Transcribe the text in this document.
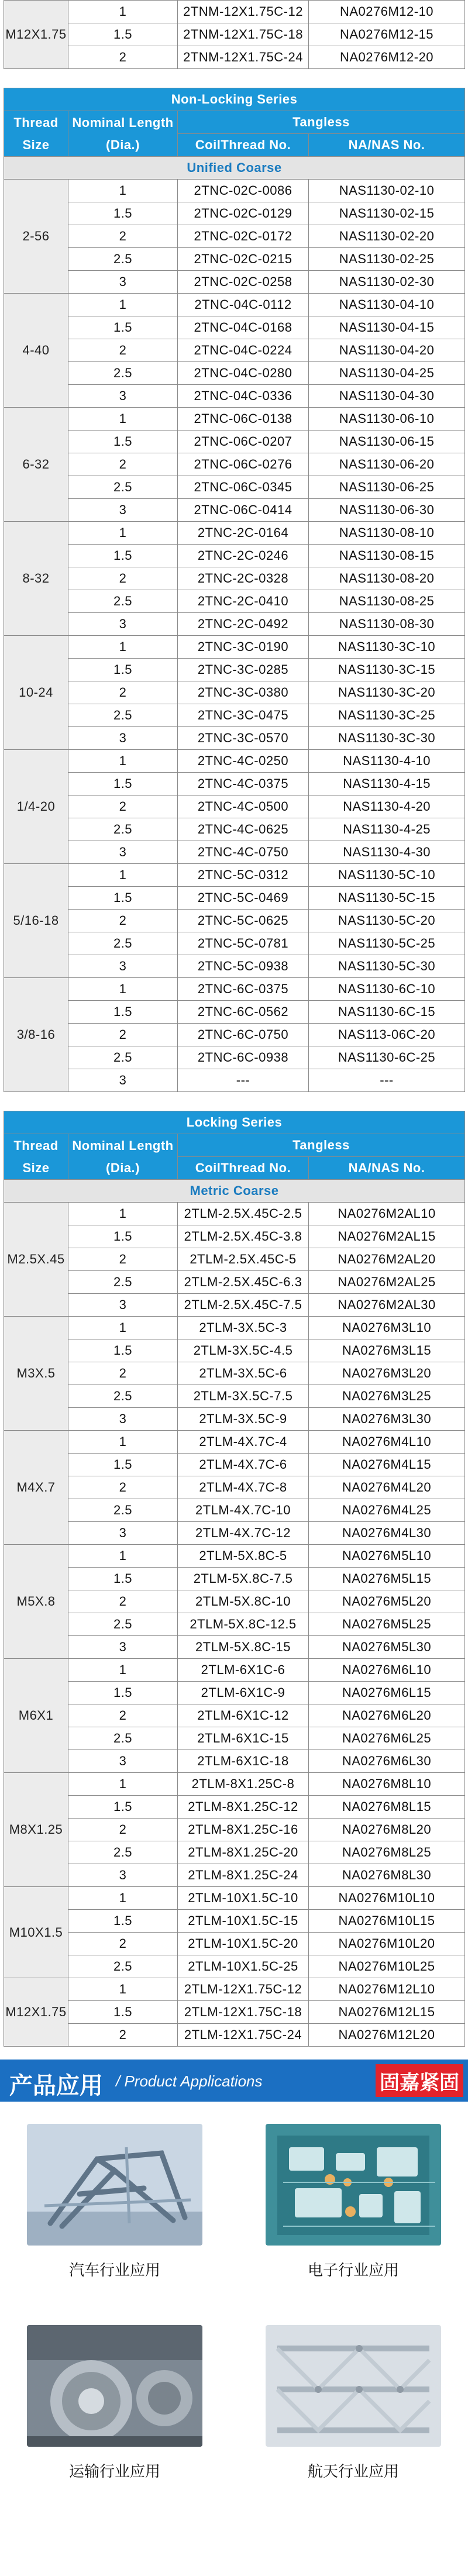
M12X1.75	1	2TNM-12X1.75C-12	NA0276M12-10
	1.5	2TNM-12X1.75C-18	NA0276M12-15
	2	2TNM-12X1.75C-24	NA0276M12-20
Non-Locking Series			
Thread Size	Nominal Length (Dia.)	Tangless	
		CoilThread No.	NA/NAS No.
Unified Coarse			
2-56	1	2TNC-02C-0086	NAS1130-02-10
	1.5	2TNC-02C-0129	NAS1130-02-15
	2	2TNC-02C-0172	NAS1130-02-20
	2.5	2TNC-02C-0215	NAS1130-02-25
	3	2TNC-02C-0258	NAS1130-02-30
4-40	1	2TNC-04C-0112	NAS1130-04-10
	1.5	2TNC-04C-0168	NAS1130-04-15
	2	2TNC-04C-0224	NAS1130-04-20
	2.5	2TNC-04C-0280	NAS1130-04-25
	3	2TNC-04C-0336	NAS1130-04-30
6-32	1	2TNC-06C-0138	NAS1130-06-10
	1.5	2TNC-06C-0207	NAS1130-06-15
	2	2TNC-06C-0276	NAS1130-06-20
	2.5	2TNC-06C-0345	NAS1130-06-25
	3	2TNC-06C-0414	NAS1130-06-30
8-32	1	2TNC-2C-0164	NAS1130-08-10
	1.5	2TNC-2C-0246	NAS1130-08-15
	2	2TNC-2C-0328	NAS1130-08-20
	2.5	2TNC-2C-0410	NAS1130-08-25
	3	2TNC-2C-0492	NAS1130-08-30
10-24	1	2TNC-3C-0190	NAS1130-3C-10
	1.5	2TNC-3C-0285	NAS1130-3C-15
	2	2TNC-3C-0380	NAS1130-3C-20
	2.5	2TNC-3C-0475	NAS1130-3C-25
	3	2TNC-3C-0570	NAS1130-3C-30
1/4-20	1	2TNC-4C-0250	NAS1130-4-10
	1.5	2TNC-4C-0375	NAS1130-4-15
	2	2TNC-4C-0500	NAS1130-4-20
	2.5	2TNC-4C-0625	NAS1130-4-25
	3	2TNC-4C-0750	NAS1130-4-30
5/16-18	1	2TNC-5C-0312	NAS1130-5C-10
	1.5	2TNC-5C-0469	NAS1130-5C-15
	2	2TNC-5C-0625	NAS1130-5C-20
	2.5	2TNC-5C-0781	NAS1130-5C-25
	3	2TNC-5C-0938	NAS1130-5C-30
3/8-16	1	2TNC-6C-0375	NAS1130-6C-10
	1.5	2TNC-6C-0562	NAS1130-6C-15
	2	2TNC-6C-0750	NAS113-06C-20
	2.5	2TNC-6C-0938	NAS1130-6C-25
	3	---	---
Locking Series			
Thread Size	Nominal Length (Dia.)	Tangless	
		CoilThread No.	NA/NAS No.
Metric Coarse			
M2.5X.45	1	2TLM-2.5X.45C-2.5	NA0276M2AL10
	1.5	2TLM-2.5X.45C-3.8	NA0276M2AL15
	2	2TLM-2.5X.45C-5	NA0276M2AL20
	2.5	2TLM-2.5X.45C-6.3	NA0276M2AL25
	3	2TLM-2.5X.45C-7.5	NA0276M2AL30
M3X.5	1	2TLM-3X.5C-3	NA0276M3L10
	1.5	2TLM-3X.5C-4.5	NA0276M3L15
	2	2TLM-3X.5C-6	NA0276M3L20
	2.5	2TLM-3X.5C-7.5	NA0276M3L25
	3	2TLM-3X.5C-9	NA0276M3L30
M4X.7	1	2TLM-4X.7C-4	NA0276M4L10
	1.5	2TLM-4X.7C-6	NA0276M4L15
	2	2TLM-4X.7C-8	NA0276M4L20
	2.5	2TLM-4X.7C-10	NA0276M4L25
	3	2TLM-4X.7C-12	NA0276M4L30
M5X.8	1	2TLM-5X.8C-5	NA0276M5L10
	1.5	2TLM-5X.8C-7.5	NA0276M5L15
	2	2TLM-5X.8C-10	NA0276M5L20
	2.5	2TLM-5X.8C-12.5	NA0276M5L25
	3	2TLM-5X.8C-15	NA0276M5L30
M6X1	1	2TLM-6X1C-6	NA0276M6L10
	1.5	2TLM-6X1C-9	NA0276M6L15
	2	2TLM-6X1C-12	NA0276M6L20
	2.5	2TLM-6X1C-15	NA0276M6L25
	3	2TLM-6X1C-18	NA0276M6L30
M8X1.25	1	2TLM-8X1.25C-8	NA0276M8L10
	1.5	2TLM-8X1.25C-12	NA0276M8L15
	2	2TLM-8X1.25C-16	NA0276M8L20
	2.5	2TLM-8X1.25C-20	NA0276M8L25
	3	2TLM-8X1.25C-24	NA0276M8L30
M10X1.5	1	2TLM-10X1.5C-10	NA0276M10L10
	1.5	2TLM-10X1.5C-15	NA0276M10L15
	2	2TLM-10X1.5C-20	NA0276M10L20
	2.5	2TLM-10X1.5C-25	NA0276M10L25
M12X1.75	1	2TLM-12X1.75C-12	NA0276M12L10
	1.5	2TLM-12X1.75C-18	NA0276M12L15
	2	2TLM-12X1.75C-24	NA0276M12L20
产品应用 / Product Applications	固嘉紧固
汽车行业应用	电子行业应用
运输行业应用	航天行业应用
